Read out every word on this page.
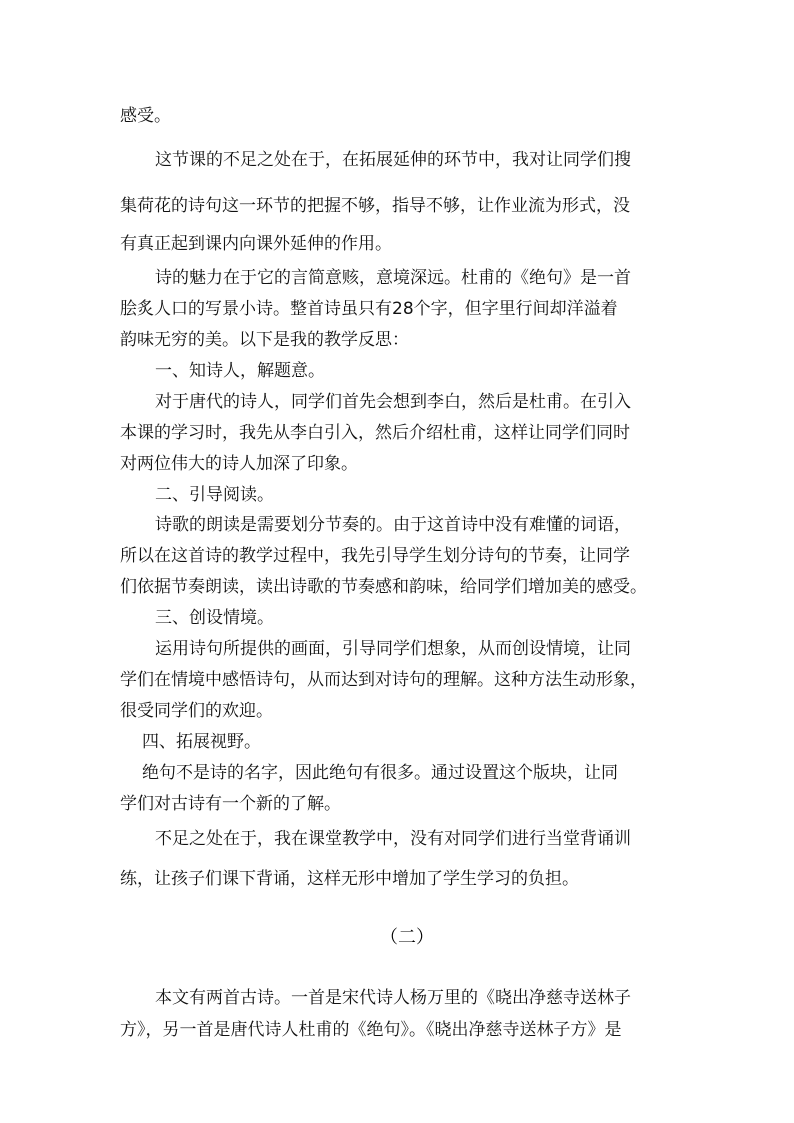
感受。
这节课的不足之处在于，在拓展延伸的环节中，我对让同学们搜
集荷花的诗句这一环节的把握不够，指导不够，让作业流为形式，没
有真正起到课内向课外延伸的作用。
诗的魅力在于它的言简意赅，意境深远。杜甫的《绝句》是一首
脍炙人口的写景小诗。整首诗虽只有28个字，但字里行间却洋溢着
韵味无穷的美。以下是我的教学反思：
一、知诗人，解题意。
对于唐代的诗人，同学们首先会想到李白，然后是杜甫。在引入
本课的学习时，我先从李白引入，然后介绍杜甫，这样让同学们同时
对两位伟大的诗人加深了印象。
二、引导阅读。
诗歌的朗读是需要划分节奏的。由于这首诗中没有难懂的词语，
所以在这首诗的教学过程中，我先引导学生划分诗句的节奏，让同学
们依据节奏朗读，读出诗歌的节奏感和韵味，给同学们增加美的感受。
三、创设情境。
运用诗句所提供的画面，引导同学们想象，从而创设情境，让同
学们在情境中感悟诗句，从而达到对诗句的理解。这种方法生动形象，
很受同学们的欢迎。
四、拓展视野。
绝句不是诗的名字，因此绝句有很多。通过设置这个版块，让同
学们对古诗有一个新的了解。
不足之处在于，我在课堂教学中，没有对同学们进行当堂背诵训
练，让孩子们课下背诵，这样无形中增加了学生学习的负担。
（二）
本文有两首古诗。一首是宋代诗人杨万里的《晓出净慈寺送林子
方》，另一首是唐代诗人杜甫的《绝句》。《晓出净慈寺送林子方》是
